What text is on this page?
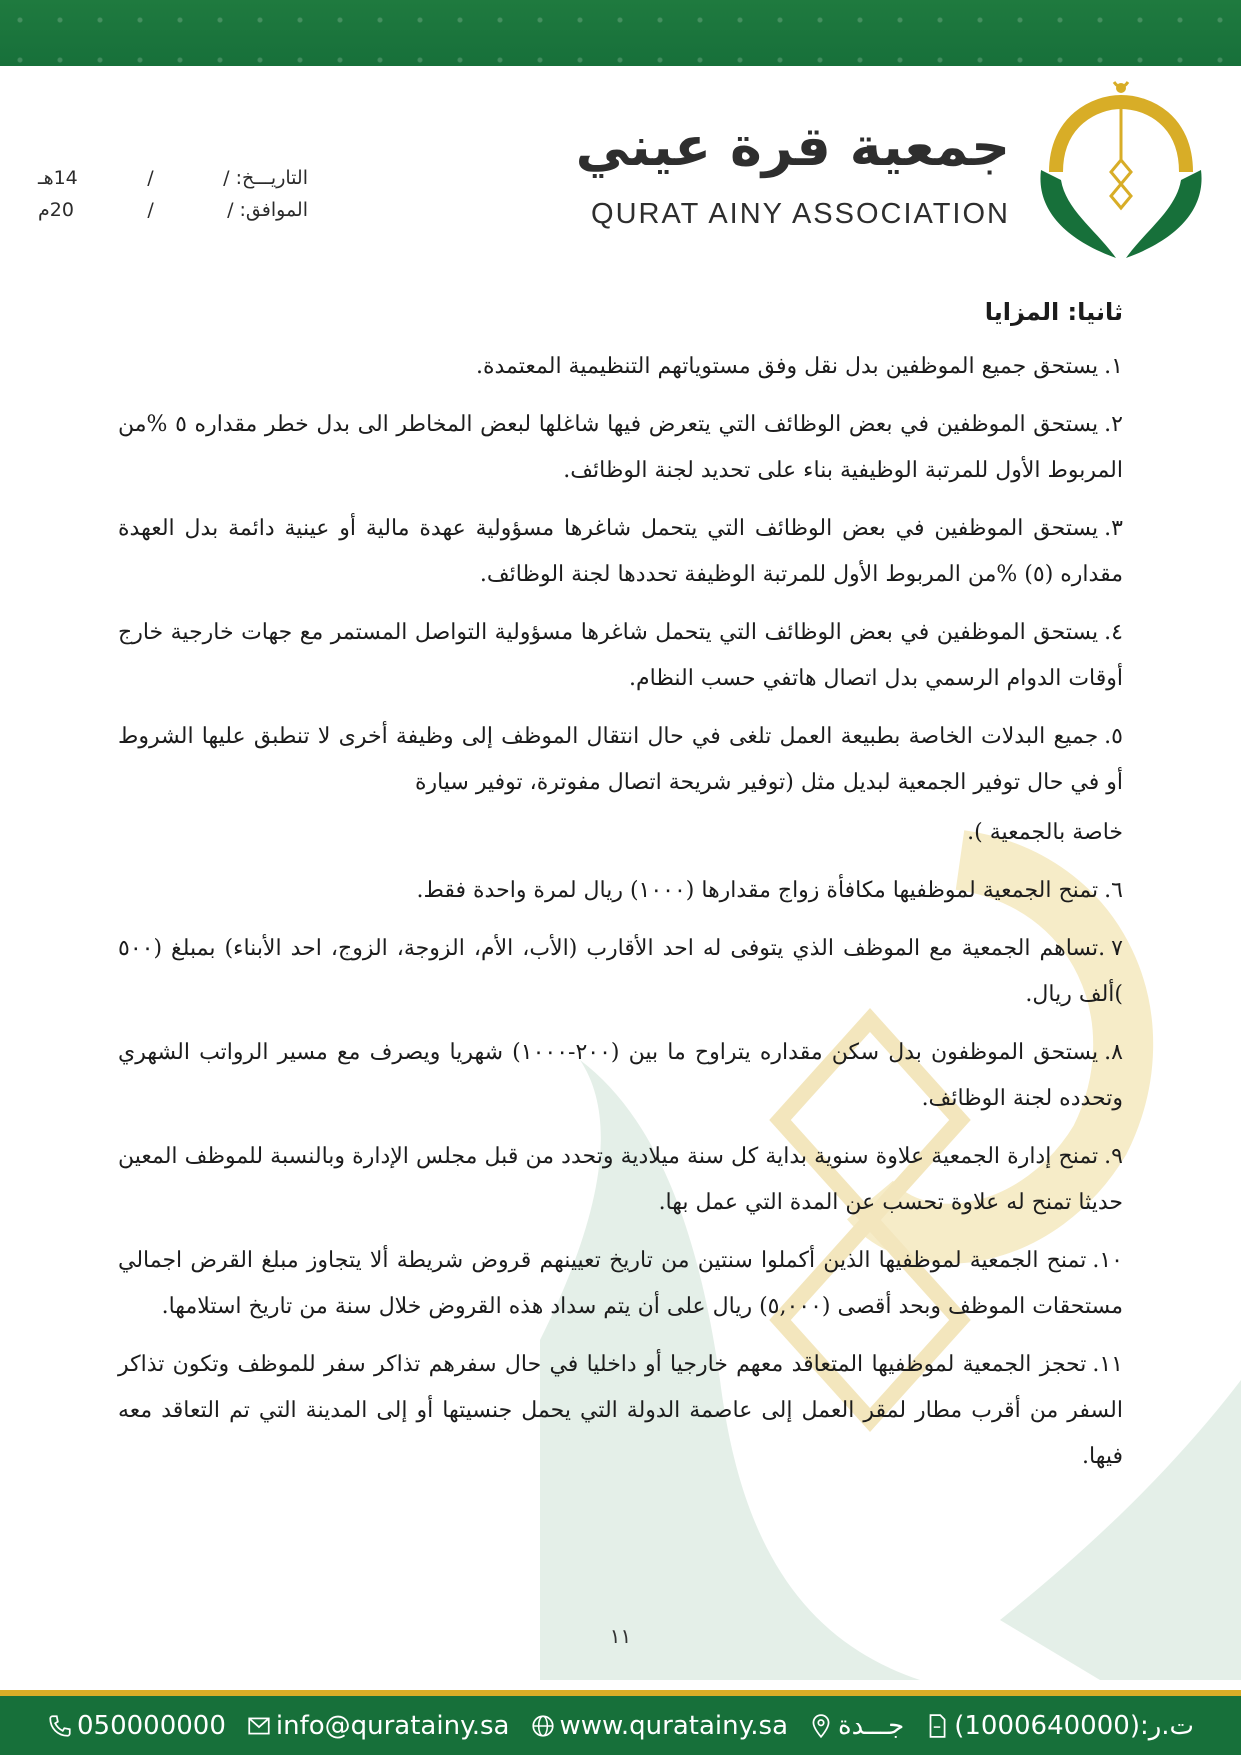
جمعية قرة عيني
QURAT AINY ASSOCIATION
التاريـــخ: /
/
14هـ
الموافق: /
/
20م
ثانيا: المزايا
١.يستحق جميع الموظفين بدل نقل وفق مستوياتهم التنظيمية المعتمدة.
٢.يستحق الموظفين في بعض الوظائف التي يتعرض فيها شاغلها لبعض المخاطر الى بدل خطر مقداره ٥ %من المربوط الأول للمرتبة الوظيفية بناء على تحديد لجنة الوظائف.
٣.يستحق الموظفين في بعض الوظائف التي يتحمل شاغرها مسؤولية عهدة مالية أو عينية دائمة بدل العهدة مقداره (٥) %من المربوط الأول للمرتبة الوظيفة تحددها لجنة الوظائف.
٤.يستحق الموظفين في بعض الوظائف التي يتحمل شاغرها مسؤولية التواصل المستمر مع جهات خارجية خارج أوقات الدوام الرسمي بدل اتصال هاتفي حسب النظام.
٥.جميع البدلات الخاصة بطبيعة العمل تلغى في حال انتقال الموظف إلى وظيفة أخرى لا تنطبق عليها الشروط أو في حال توفير الجمعية لبديل مثل (توفير شريحة اتصال مفوترة، توفير سيارة
خاصة بالجمعية ).
٦.تمنح الجمعية لموظفيها مكافأة زواج مقدارها (١٠٠٠) ريال لمرة واحدة فقط.
٧.تساهم الجمعية مع الموظف الذي يتوفى له احد الأقارب (الأب، الأم، الزوجة، الزوج، احد الأبناء) بمبلغ (٥٠٠ )ألف ريال.
٨.يستحق الموظفون بدل سكن مقداره يتراوح ما بين (٢٠٠-١٠٠٠) شهريا ويصرف مع مسير الرواتب الشهري وتحدده لجنة الوظائف.
٩.تمنح إدارة الجمعية علاوة سنوية بداية كل سنة ميلادية وتحدد من قبل مجلس الإدارة وبالنسبة للموظف المعين حديثا تمنح له علاوة تحسب عن المدة التي عمل بها.
١٠.تمنح الجمعية لموظفيها الذين أكملوا سنتين من تاريخ تعيينهم قروض شريطة ألا يتجاوز مبلغ القرض اجمالي مستحقات الموظف وبحد أقصى (٥,٠٠٠) ريال على أن يتم سداد هذه القروض خلال سنة من تاريخ استلامها.
١١.تحجز الجمعية لموظفيها المتعاقد معهم خارجيا أو داخليا في حال سفرهم تذاكر سفر للموظف وتكون تذاكر السفر من أقرب مطار لمقر العمل إلى عاصمة الدولة التي يحمل جنسيتها أو إلى المدينة التي تم التعاقد معه فيها.
١١
050000000 info@quratainy.sa www.quratainy.sa جـــدة ت.ر:(1000640000)
